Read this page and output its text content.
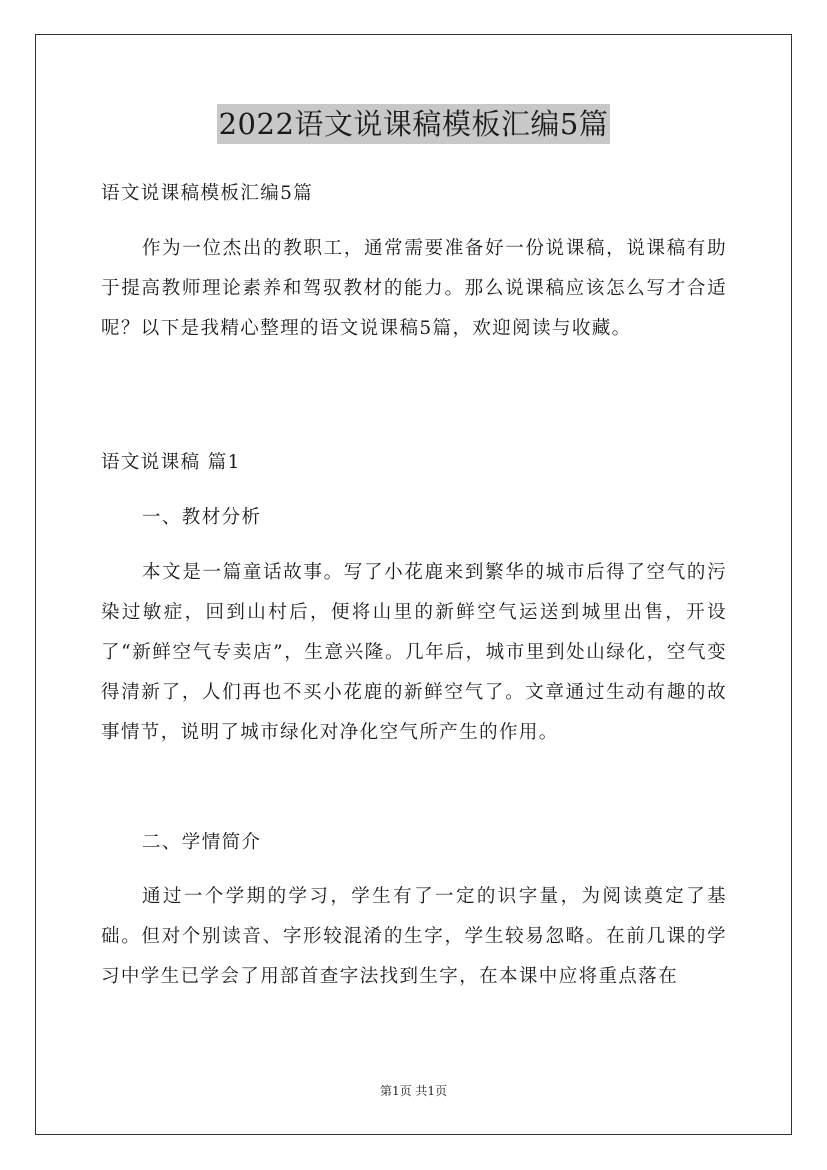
2022语文说课稿模板汇编5篇

语文说课稿模板汇编5篇

作为一位杰出的教职工，通常需要准备好一份说课稿，说课稿有助于提高教师理论素养和驾驭教材的能力。那么说课稿应该怎么写才合适呢？以下是我精心整理的语文说课稿5篇，欢迎阅读与收藏。

语文说课稿 篇1

一、教材分析

本文是一篇童话故事。写了小花鹿来到繁华的城市后得了空气的污染过敏症，回到山村后，便将山里的新鲜空气运送到城里出售，开设了“新鲜空气专卖店”，生意兴隆。几年后，城市里到处山绿化，空气变得清新了，人们再也不买小花鹿的新鲜空气了。文章通过生动有趣的故事情节，说明了城市绿化对净化空气所产生的作用。

二、学情简介

通过一个学期的学习，学生有了一定的识字量，为阅读奠定了基础。但对个别读音、字形较混淆的生字，学生较易忽略。在前几课的学习中学生已学会了用部首查字法找到生字，在本课中应将重点落在

第1页 共1页
